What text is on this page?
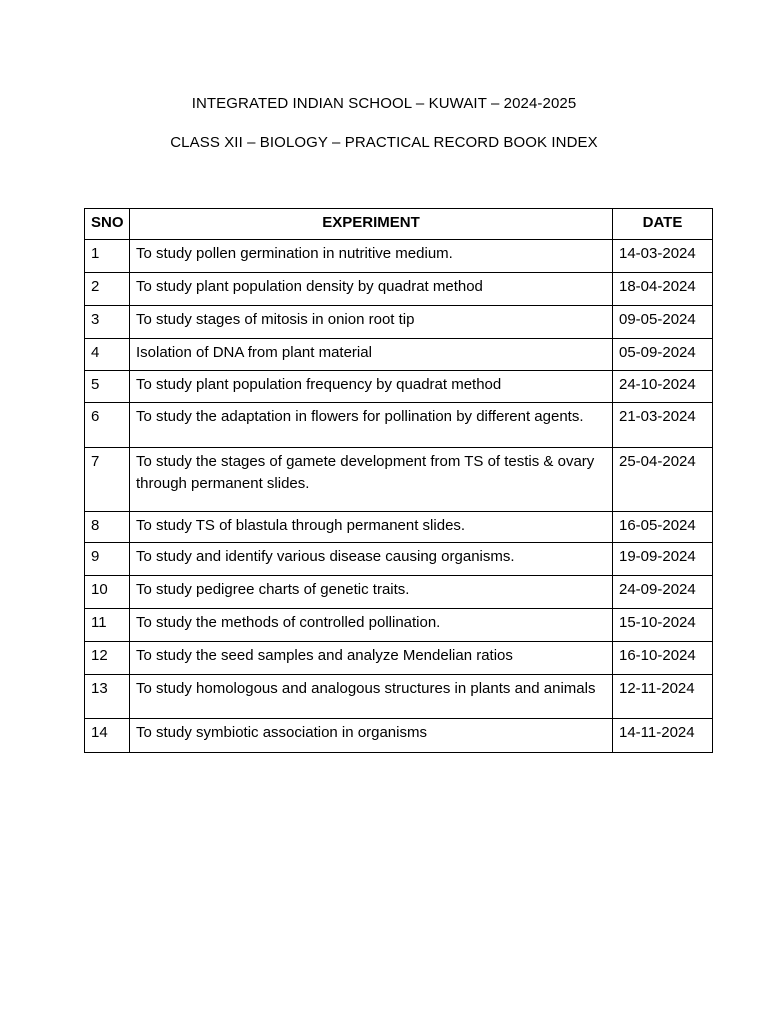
INTEGRATED INDIAN SCHOOL – KUWAIT – 2024-2025
CLASS XII – BIOLOGY – PRACTICAL RECORD BOOK INDEX
SNO	EXPERIMENT	DATE
1	To study pollen germination in nutritive medium.	14-03-2024
2	To study plant population density by quadrat method	18-04-2024
3	To study stages of mitosis in onion root tip	09-05-2024
4	Isolation of DNA from plant material	05-09-2024
5	To study plant population frequency by quadrat method	24-10-2024
6	To study the adaptation in flowers for pollination by different agents.	21-03-2024
7	To study the stages of gamete development from TS of testis & ovary through permanent slides.	25-04-2024
8	To study TS of blastula through permanent slides.	16-05-2024
9	To study and identify various disease causing organisms.	19-09-2024
10	To study pedigree charts of genetic traits.	24-09-2024
11	To study the methods of controlled pollination.	15-10-2024
12	To study the seed samples and analyze Mendelian ratios	16-10-2024
13	To study homologous and analogous structures in plants and animals	12-11-2024
14	To study symbiotic association in organisms	14-11-2024
